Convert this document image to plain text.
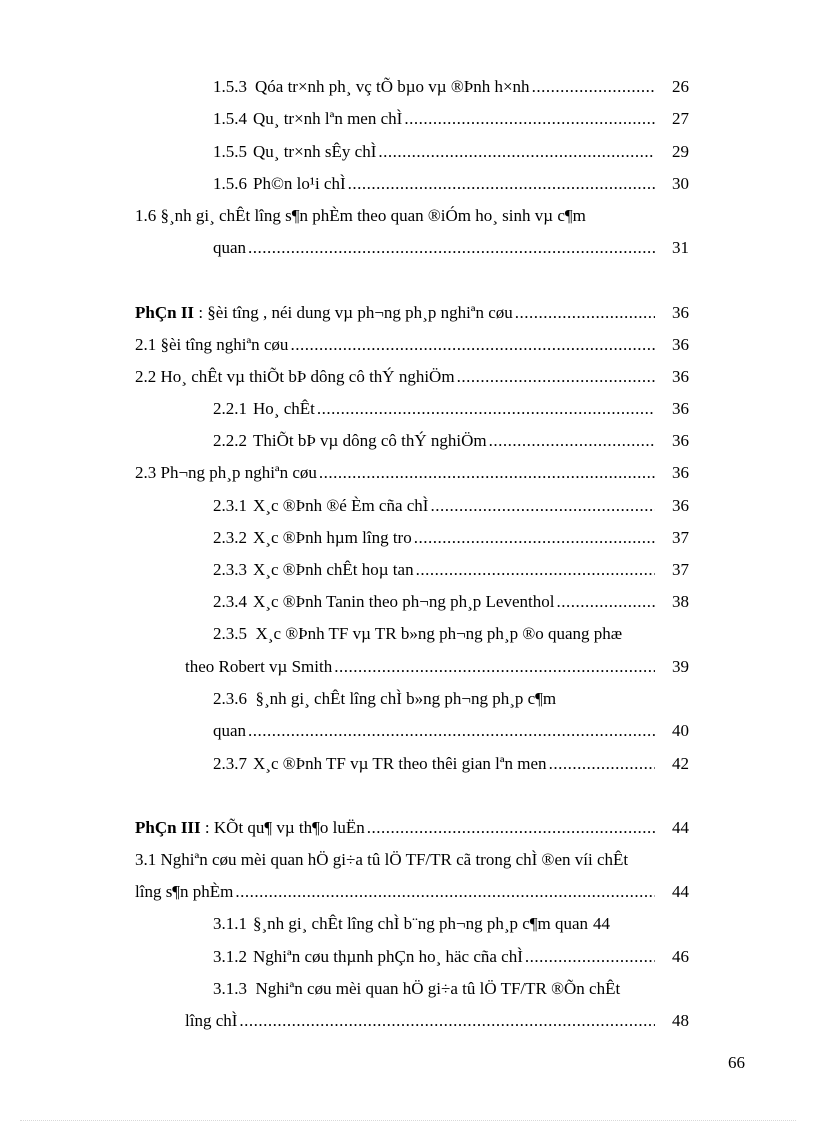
1.5.3 Qóa tr×nh ph¸ vç tÕ bµo vµ ®Þnh h×nh .....	26
1.5.4 Qu¸ tr×nh lªn men chÌ .....	27
1.5.5 Qu¸ tr×nh sÊy chÌ .....	29
1.5.6 Ph©n lo¹i chÌ .....	30
1.6 §¸nh gi¸ chÊt lîng s¶n phÈm theo quan ®iÓm ho¸ sinh vµ c¶m
quan .....	31
PhÇn II : §èi tîng , néi dung vµ ph¬ng ph¸p nghiªn cøu .....	36
2.1 §èi tîng nghiªn cøu .....	36
2.2 Ho¸ chÊt vµ thiÕt bÞ dông cô thÝ nghiÖm .....	36
2.2.1 Ho¸ chÊt .....	36
2.2.2 ThiÕt bÞ vµ dông cô thÝ nghiÖm .....	36
2.3 Ph¬ng ph¸p nghiªn cøu .....	36
2.3.1 X¸c ®Þnh ®é Èm cña chÌ .....	36
2.3.2 X¸c ®Þnh hµm lîng tro .....	37
2.3.3 X¸c ®Þnh chÊt hoµ tan .....	37
2.3.4 X¸c ®Þnh Tanin theo ph¬ng ph¸p Leventhol .....	38
2.3.5  X¸c ®Þnh TF vµ TR b»ng ph¬ng ph¸p ®o quang phæ
theo Robert vµ Smith .....	39
2.3.6  §¸nh gi¸ chÊt lîng chÌ b»ng ph¬ng ph¸p c¶m
quan .....	40
2.3.7 X¸c ®Þnh TF vµ TR theo thêi gian lªn men .....	42
PhÇn III : KÕt qu¶ vµ th¶o luËn .....	44
3.1 Nghiªn cøu mèi quan hÖ gi÷a tû lÖ TF/TR cã trong chÌ ®en víi chÊt
lîng s¶n phÈm .....	44
3.1.1 §¸nh gi¸ chÊt lîng chÌ b¨ng ph¬ng ph¸p c¶m quan 44
3.1.2 Nghiªn cøu thµnh phÇn ho¸ häc cña chÌ .....	46
3.1.3  Nghiªn cøu mèi quan hÖ gi÷a tû lÖ TF/TR ®Õn chÊt
lîng chÌ .....	48
66
